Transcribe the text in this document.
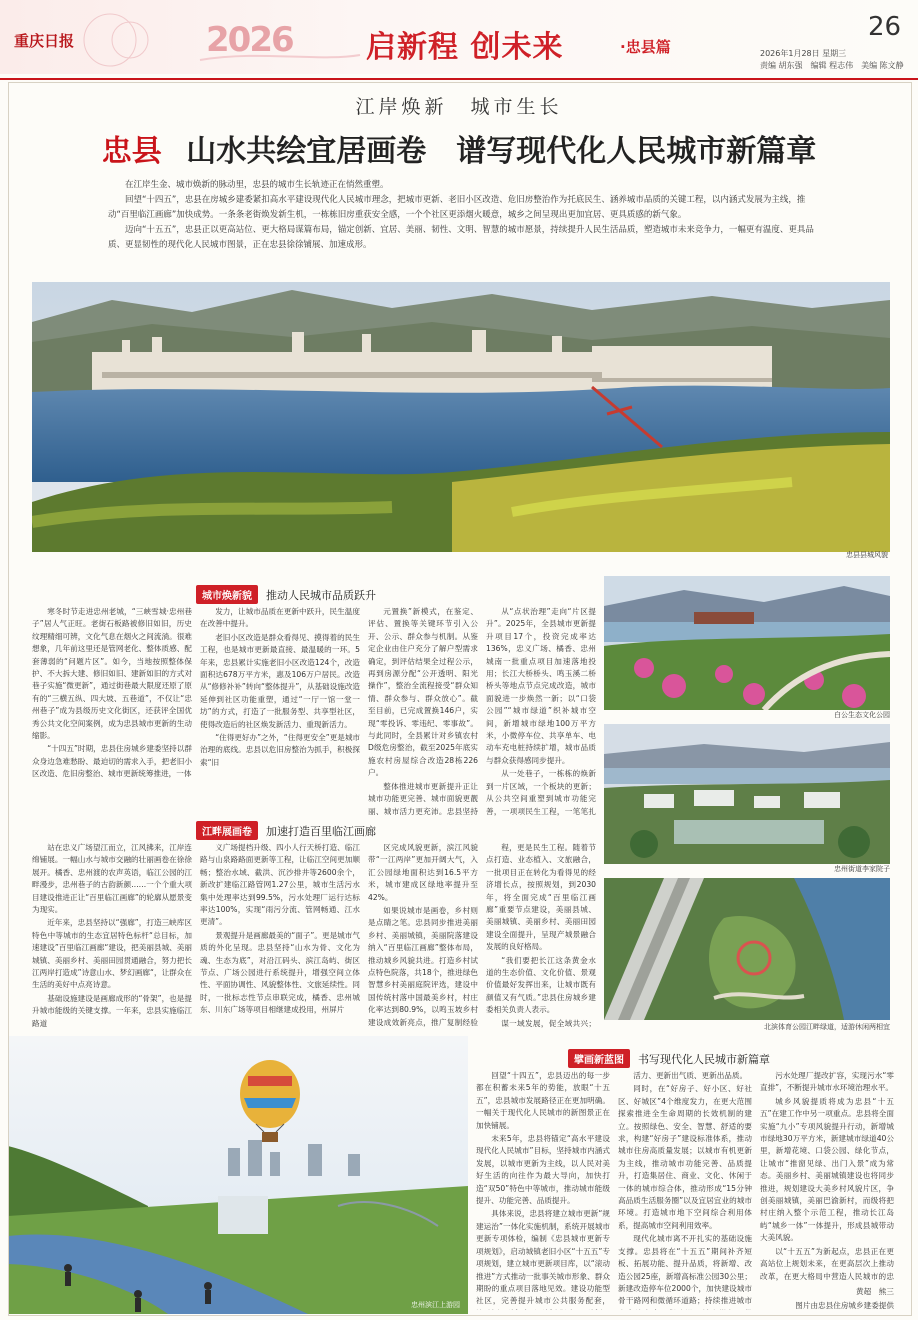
重庆日报	2026 启新程 创未来	·忠县篇
26
2026年1月28日 星期三
责编 胡东强　编辑 程志伟　美编 陈文静
江岸焕新　城市生长
忠县 山水共绘宜居画卷　谱写现代化人民城市新篇章

在江岸生金、城市焕新的脉动里，忠县的城市生长轨迹正在悄然重塑。

回望“十四五”，忠县在房城乡建委紧扣高水平建设现代化人民城市理念，把城市更新、老旧小区改造、危旧房整治作为托底民生、涵养城市品质的关键工程，以内涵式发展为主线，推动“百里临江画廊”加快成势。一条条老街焕发新生机，一栋栋旧房重获安全感，一个个社区更添烟火暖意，城乡之间呈现出更加宜居、更具质感的新气象。

迈向“十五五”，忠县正以更高站位、更大格局谋篇布局，锚定创新、宜居、美丽、韧性、文明、智慧的城市愿景，持续提升人民生活品质，塑造城市未来竞争力，一幅更有温度、更具品质、更显韧性的现代化人民城市图景，正在忠县徐徐铺展、加速成形。

忠县县城风貌
城市焕新貌 推动人民城市品质跃升

寒冬时节走进忠州老城，“三峡雪城·忠州巷子”居人气正旺。老街石板路被修旧如旧，历史纹理精细可辨，文化气息在烟火之间流淌。很难想象，几年前这里还是管网老化、整体质感、配套薄弱的“问题片区”。如今，当地按照整体保护、不大拆大建、修旧如旧、建新如旧的方式对巷子实施“微更新”，通过街巷最大限度还原了原有的“三横五纵、四大坡、五巷道”，不仅让“忠州巷子”成为县级历史文化街区，还获评全国优秀公共文化空间案例，成为忠县城市更新的生动缩影。

“十四五”时期，忠县住房城乡建委坚持以群众身边急难愁盼、最迫切的需求入手，把老旧小区改造、危旧房整治、城市更新统筹推进，一体

发力，让城市品质在更新中跃升，民生温度在改善中提升。

老旧小区改造是群众看得见、摸得着的民生工程，也是城市更新最直接、最温暖的一环。5年来，忠县累计实施老旧小区改造124个，改造面积达678万平方米，惠及106万户居民。改造从“修修补补”转向“整体提升”，从基础设施改造延伸到社区功能重塑，通过“一厅一馆一堂一坊”的方式，打造了一批服务型、共享型社区，使得改造后的社区焕发新活力、重现新活力。

“住得更好办”之外，“住得更安全”更是城市治理的底线。忠县以危旧房整治为抓手，积极探索“旧

元置换”新模式，在鉴定、评估、置换等关键环节引入公开、公示、群众参与机制。从鉴定企业由住户充分了解户型需求确定，到评估结果全过程公示，再到房源分配“公开透明、阳光操作”，整治全流程接受“群众知情、群众参与、群众放心”。截至目前，已完成置换146户，实现“零投诉、零违纪、零事故”。与此同时，全县累计对乡镇农村D级危房整治，截至2025年底实施农村房屋综合改造28栋226户。

整体推进城市更新提升正让城市功能更完善、城市面貌更靓丽、城市活力更充沛。忠县坚持

从“点状治理”走向“片区提升”。2025年，全县城市更新提升项目17个，投资完成率达136%，忠义广场、橘香、忠州城南一批重点项目加速落地投用；长江大桥桥头、鸣玉溪二桥桥头等地点节点完成改造，城市面貌进一步焕然一新；以“口袋公园”“城市绿道”织补城市空间，新增城市绿地100万平方米，小微停车位、共享单车、电动车充电桩持续扩增，城市品质与群众获得感同步提升。

从一处巷子，一栋栋的焕新到一片区域，一个板块的更新；从公共空间重塑到城市功能完善，一项项民生工程，一笔笔扎

江畔展画卷 加速打造百里临江画廊

站在忠义广场望江而立，江风拂来，江岸连绵铺展。一幅山水与城市交融的壮丽画卷在徐徐展开。橘香、忠州渡的农声英语，临江公园的江畔漫步，忠州巷子的古韵新颜……一个个重大项目建设推进正让“百里临江画廊”的轮廓从愿景变为现实。

近年来，忠县坚持以“强廊”，打造三峡库区特色中等城市的生态宜居特色标杆“总目标，加速建设”百里临江画廊“建设，把美丽县城、美丽城镇、美丽乡村、美丽田园贯通融合，努力把长江两岸打造成”诗意山水、梦幻画廊“，让群众在生活的美好中点亮诗意。

基础设施建设是画廊成形的“骨架”，也是提升城市能级的关键支撑。一年来，忠县实施临江路道

义广场提档升级、四小人行天桥打造、临江路与山泉路路面更新等工程，让临江空间更加顺畅；整治水域、截洪、沉沙排井等2600余个，新改扩建临江路管网1.27公里，城市生活污水集中处理率达到99.5%，污水处理厂运行达标率达100%，实现“雨污分流、管网畅通、江水更清”。

景观提升是画廊最美的“面子”。更是城市气质的外化呈现。忠县坚持“山水为骨、文化为魂、生态为底”，对沿江码头、滨江岛屿、街区节点、广场公园进行系统提升，增强空间立体性、平面协调性、风貌整体性、文旅延续性。同时，一批标志性节点串联完成，橘香、忠州城东、川东广场等项目相继建成投用，州屏片

区完成风貌更新，滨江风貌带“一江两岸”更加开阔大气，入汇公园绿地面积达到16.5平方米，城市建成区绿地率提升至42%。

如果说城市是画卷，乡村则是点睛之笔。忠县同步推进美丽乡村、美丽城镇，美丽院落建设纳入“百里临江画廊”整体布局，推动城乡风貌共进。打造乡村试点特色院落，共18个，推进绿色智慧乡村美丽庭院评选，建设中国传统村落中国最美乡村，村庄化率达到80.9%，以鸣玉坡乡村建设成效新亮点，推广复制经验

程，更是民生工程。随着节点打造、业态植入、文旅融合，一批项目正在转化为看得见的经济增长点，按照规划，到2030年，将全面完成“百里临江画廊”重要节点建设，美丽县城、美丽城镇、美丽乡村、美丽田园建设全面提升，呈现产城景融合发展的良好格局。

“我们要把长江这条黄金水道的生态价值、文化价值、景观价值最好发挥出来，让城市既有颜值又有气质。”忠县住房城乡建委相关负责人表示。

谋一域发展，促全域共兴；

白公生态文化公园
忠州街道李家院子
北滨体育公园江畔绿道，适游休闲两相宜
忠州滨江上游园
擘画新蓝图 书写现代化人民城市新篇章

回望“十四五”，忠县迈出的每一步都在积蓄未来5年的势能，放眼“十五五”，忠县城市发展路径正在更加明确。一幅关于现代化人民城市的新图景正在加快铺展。

未来5年，忠县将锚定“高水平建设现代化人民城市”目标，坚持城市内涵式发展，以城市更新为主线，以人民对美好生活的向往作为最大导向，加快打造“双50”特色中等城市，推动城市能级提升、功能完善、品质提升。

具体来说，忠县将建立城市更新“规建运治”一体化实施机制，系统开展城市更新专项体检，编制《忠县城市更新专项规划》，启动城镇老旧小区“十五五”专项规划，建立城市更新项目库，以“滚动推进”方式推动一批事关城市形象、群众期盼的重点项目落地见效。建设功能型社区，完善提升城市公共服务配套，

活力、更新出气质、更新出品质。

同时，在“好房子、好小区、好社区、好城区”4个维度发力，在更大范围探索推进全生命周期的长效机制的建立。按照绿色、安全、智慧、舒适的要求，构建“好房子”建设标准体系，推动城市住房高质量发展；以城市有机更新为主线，推动城市功能完善、品质提升，打造集居住、商业、文化、休闲于一体的城市综合体，推动形成“15分钟高品质生活服务圈”以及宜居宜业的城市环境。打造城市地下空间综合利用体系，提高城市空间利用效率。

现代化城市离不开扎实的基础设施支撑。忠县将在“十五五”期间补齐短板、拓展功能、提升品质，将新增、改造公园25座，新增高标准公园30公里；新建改造停车位2000个，加快建设城市骨干路网和微循环道路；持续推进城市

污水处理厂提改扩容，实现污水“零直排”，不断提升城市水环境治理水平。

城乡风貌提质将成为忠县“十五五”在建工作中另一项重点。忠县将全面实施“九小”专项风貌提升行动，新增城市绿地30万平方米，新建城市绿道40公里，新增花境、口袋公园、绿化节点，让城市“推窗见绿、出门入景”成为常态。美丽乡村、美丽城镇建设也将同步推进，规划建设大美乡村风貌片区，争创美丽城镇，美丽巴渝新村，而级将把村庄纳入整个示范工程，推动长江岛屿“城乡一体”一体提升，形成县城带动大美风貌。

以“十五五”为新起点，忠县正在更高站位上规划未来，在更高层次上推动改革，在更大格局中营造人民城市的忠

黄超　熊三
图片由忠县住房城乡建委提供
